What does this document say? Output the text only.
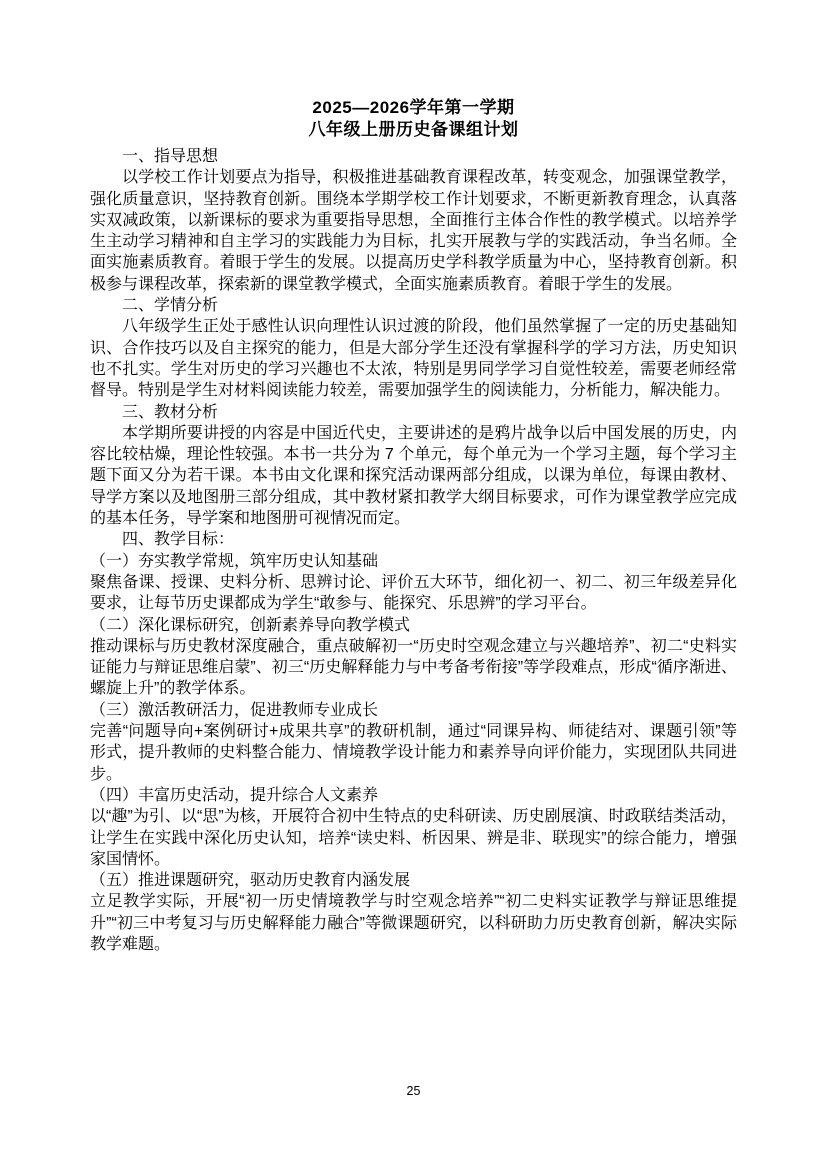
2025—2026学年第一学期
八年级上册历史备课组计划
一、指导思想

以学校工作计划要点为指导，积极推进基础教育课程改革，转变观念，加强课堂教学，强化质量意识，坚持教育创新。围绕本学期学校工作计划要求，不断更新教育理念，认真落实双减政策，以新课标的要求为重要指导思想，全面推行主体合作性的教学模式。以培养学生主动学习精神和自主学习的实践能力为目标，扎实开展教与学的实践活动，争当名师。全面实施素质教育。着眼于学生的发展。以提高历史学科教学质量为中心，坚持教育创新。积极参与课程改革，探索新的课堂教学模式，全面实施素质教育。着眼于学生的发展。

二、学情分析

八年级学生正处于感性认识向理性认识过渡的阶段，他们虽然掌握了一定的历史基础知识、合作技巧以及自主探究的能力，但是大部分学生还没有掌握科学的学习方法，历史知识也不扎实。学生对历史的学习兴趣也不太浓，特别是男同学学习自觉性较差，需要老师经常督导。特别是学生对材料阅读能力较差，需要加强学生的阅读能力，分析能力，解决能力。

三、教材分析

本学期所要讲授的内容是中国近代史，主要讲述的是鸦片战争以后中国发展的历史，内容比较枯燥，理论性较强。本书一共分为 7 个单元，每个单元为一个学习主题，每个学习主题下面又分为若干课。本书由文化课和探究活动课两部分组成，以课为单位，每课由教材、导学方案以及地图册三部分组成，其中教材紧扣教学大纲目标要求，可作为课堂教学应完成的基本任务，导学案和地图册可视情况而定。

四、教学目标：
（一）夯实教学常规，筑牢历史认知基础

聚焦备课、授课、史料分析、思辨讨论、评价五大环节，细化初一、初二、初三年级差异化要求，让每节历史课都成为学生“敢参与、能探究、乐思辨”的学习平台。

（二）深化课标研究，创新素养导向教学模式

推动课标与历史教材深度融合，重点破解初一“历史时空观念建立与兴趣培养”、初二“史料实证能力与辩证思维启蒙”、初三“历史解释能力与中考备考衔接”等学段难点，形成“循序渐进、螺旋上升”的教学体系。

（三）激活教研活力，促进教师专业成长

完善“问题导向+案例研讨+成果共享”的教研机制，通过“同课异构、师徒结对、课题引领”等形式，提升教师的史料整合能力、情境教学设计能力和素养导向评价能力，实现团队共同进步。

（四）丰富历史活动，提升综合人文素养

以“趣”为引、以“思”为核，开展符合初中生特点的史科研读、历史剧展演、时政联结类活动，让学生在实践中深化历史认知，培养“读史料、析因果、辨是非、联现实”的综合能力，增强家国情怀。

（五）推进课题研究，驱动历史教育内涵发展

立足教学实际，开展“初一历史情境教学与时空观念培养”“初二史料实证教学与辩证思维提升”“初三中考复习与历史解释能力融合”等微课题研究，以科研助力历史教育创新，解决实际教学难题。

25
